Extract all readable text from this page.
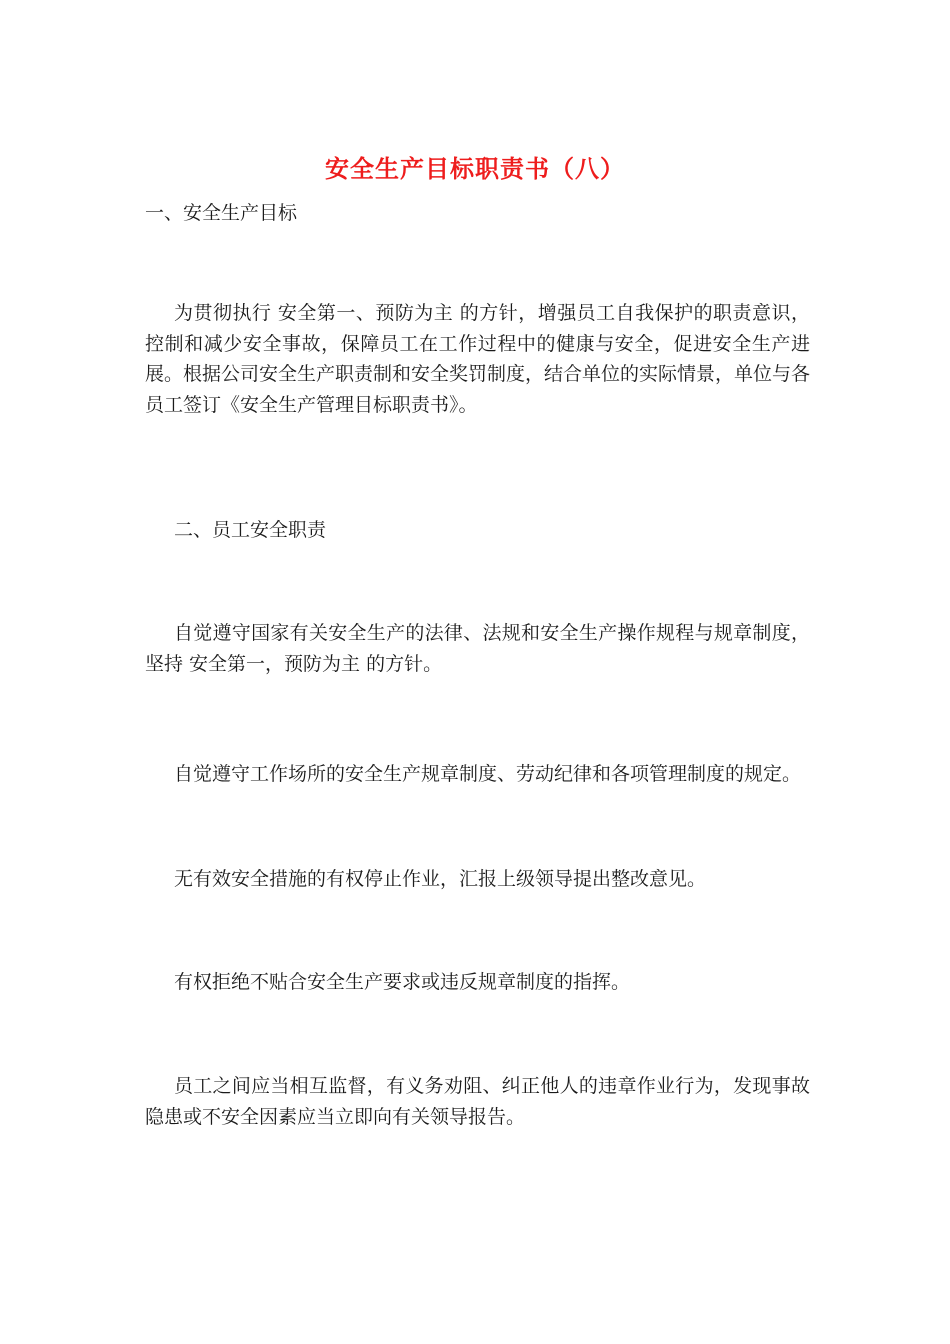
安全生产目标职责书（八）
一、安全生产目标
为贯彻执行 安全第一、预防为主 的方针，增强员工自我保护的职责意识，控制和减少安全事故，保障员工在工作过程中的健康与安全，促进安全生产进展。根据公司安全生产职责制和安全奖罚制度，结合单位的实际情景，单位与各员工签订《安全生产管理目标职责书》。
二、员工安全职责
自觉遵守国家有关安全生产的法律、法规和安全生产操作规程与规章制度，坚持 安全第一，预防为主 的方针。
自觉遵守工作场所的安全生产规章制度、劳动纪律和各项管理制度的规定。
无有效安全措施的有权停止作业，汇报上级领导提出整改意见。
有权拒绝不贴合安全生产要求或违反规章制度的指挥。
员工之间应当相互监督，有义务劝阻、纠正他人的违章作业行为，发现事故隐患或不安全因素应当立即向有关领导报告。
